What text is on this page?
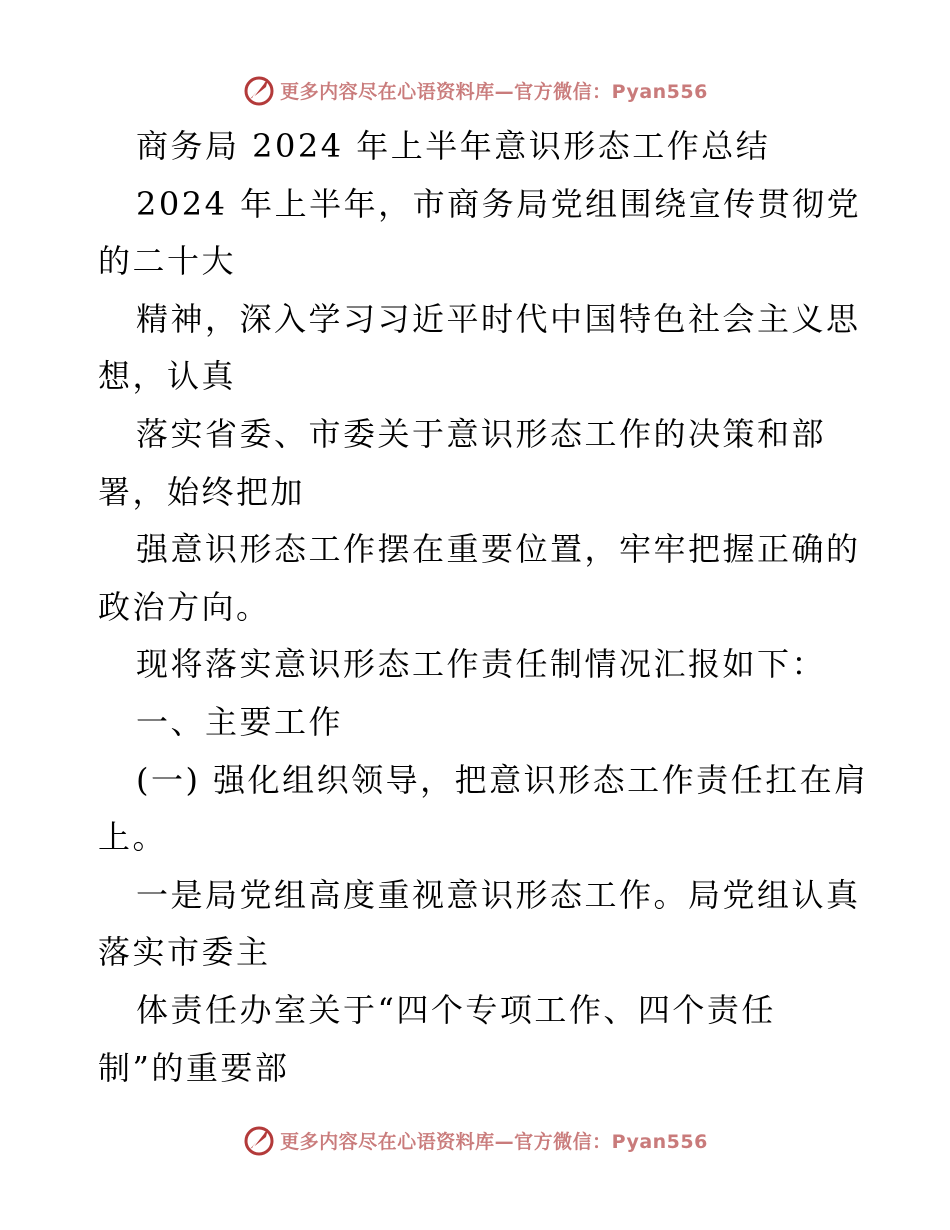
更多内容尽在心语资料库—官方微信：Pyan556
商务局 2024 年上半年意识形态工作总结
2024 年上半年，市商务局党组围绕宣传贯彻党
的二十大
精神，深入学习习近平时代中国特色社会主义思
想，认真
落实省委、市委关于意识形态工作的决策和部
署，始终把加
强意识形态工作摆在重要位置，牢牢把握正确的
政治方向。
现将落实意识形态工作责任制情况汇报如下：
一、主要工作
(一) 强化组织领导，把意识形态工作责任扛在肩
上。
一是局党组高度重视意识形态工作。局党组认真
落实市委主
体责任办室关于“四个专项工作、四个责任
制”的重要部
更多内容尽在心语资料库—官方微信：Pyan556
